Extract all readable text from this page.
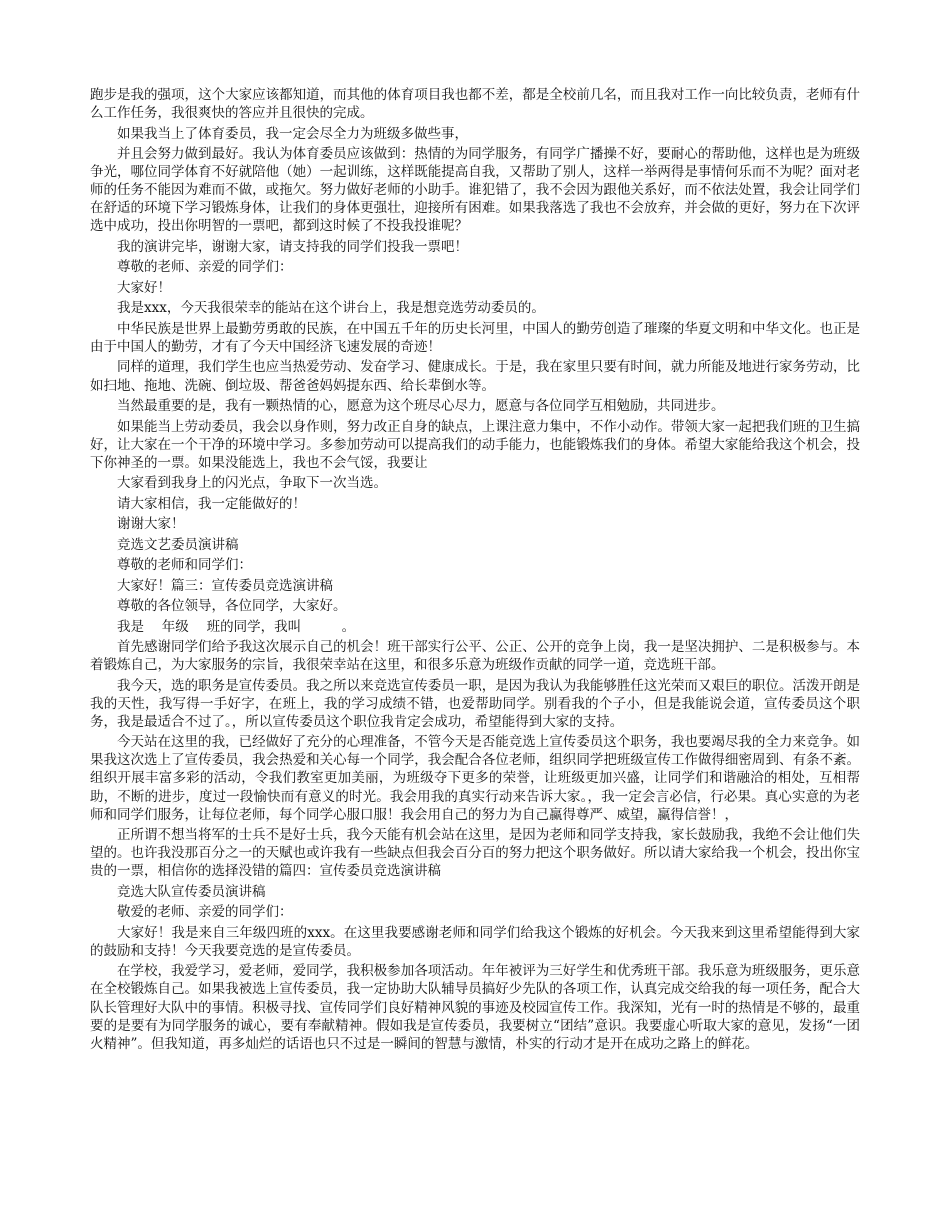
跑步是我的强项，这个大家应该都知道，而其他的体育项目我也都不差，都是全校前几名，而且我对工作一向比较负责，老师有什么工作任务，我很爽快的答应并且很快的完成。

如果我当上了体育委员，我一定会尽全力为班级多做些事，

并且会努力做到最好。我认为体育委员应该做到：热情的为同学服务，有同学广播操不好，要耐心的帮助他，这样也是为班级争光，哪位同学体育不好就陪他（她）一起训练，这样既能提高自我，又帮助了别人，这样一举两得是事情何乐而不为呢？面对老师的任务不能因为难而不做，或拖欠。努力做好老师的小助手。谁犯错了，我不会因为跟他关系好，而不依法处置，我会让同学们在舒适的环境下学习锻炼身体，让我们的身体更强壮，迎接所有困难。如果我落选了我也不会放弃，并会做的更好，努力在下次评选中成功，投出你明智的一票吧，都到这时候了不投我投谁呢？

我的演讲完毕，谢谢大家，请支持我的同学们投我一票吧！

尊敬的老师、亲爱的同学们：

大家好！

我是xxx，今天我很荣幸的能站在这个讲台上，我是想竞选劳动委员的。

中华民族是世界上最勤劳勇敢的民族，在中国五千年的历史长河里，中国人的勤劳创造了璀璨的华夏文明和中华文化。也正是由于中国人的勤劳，才有了今天中国经济飞速发展的奇迹！

同样的道理，我们学生也应当热爱劳动、发奋学习、健康成长。于是，我在家里只要有时间，就力所能及地进行家务劳动，比如扫地、拖地、洗碗、倒垃圾、帮爸爸妈妈提东西、给长辈倒水等。

当然最重要的是，我有一颗热情的心，愿意为这个班尽心尽力，愿意与各位同学互相勉励，共同进步。

如果能当上劳动委员，我会以身作则，努力改正自身的缺点，上课注意力集中，不作小动作。带领大家一起把我们班的卫生搞好，让大家在一个干净的环境中学习。多参加劳动可以提高我们的动手能力，也能锻炼我们的身体。希望大家能给我这个机会，投下你神圣的一票。如果没能选上，我也不会气馁，我要让

大家看到我身上的闪光点，争取下一次当选。

请大家相信，我一定能做好的！

谢谢大家！

竞选文艺委员演讲稿

尊敬的老师和同学们：

大家好！篇三：宣传委员竞选演讲稿

尊敬的各位领导，各位同学，大家好。

我是　 年级　 班的同学，我叫　　　。

首先感谢同学们给予我这次展示自己的机会！班干部实行公平、公正、公开的竞争上岗，我一是坚决拥护、二是积极参与。本着锻炼自己，为大家服务的宗旨，我很荣幸站在这里，和很多乐意为班级作贡献的同学一道，竞选班干部。

我今天，选的职务是宣传委员。我之所以来竞选宣传委员一职，是因为我认为我能够胜任这光荣而又艰巨的职位。活泼开朗是我的天性，我写得一手好字，在班上，我的学习成绩不错，也爱帮助同学。别看我的个子小，但是我能说会道，宣传委员这个职务，我是最适合不过了。，所以宣传委员这个职位我肯定会成功，希望能得到大家的支持。

今天站在这里的我，已经做好了充分的心理准备，不管今天是否能竞选上宣传委员这个职务，我也要竭尽我的全力来竞争。如果我这次选上了宣传委员，我会热爱和关心每一个同学，我会配合各位老师，组织同学把班级宣传工作做得细密周到、有条不紊。组织开展丰富多彩的活动，令我们教室更加美丽，为班级夺下更多的荣誉，让班级更加兴盛，让同学们和谐融洽的相处，互相帮助，不断的进步，度过一段愉快而有意义的时光。我会用我的真实行动来告诉大家。，我一定会言必信，行必果。真心实意的为老师和同学们服务，让每位老师，每个同学心服口服！我会用自己的努力为自己赢得尊严、威望，赢得信誉！，

正所谓不想当将军的士兵不是好士兵，我今天能有机会站在这里，是因为老师和同学支持我，家长鼓励我，我绝不会让他们失望的。也许我没那百分之一的天赋也或许我有一些缺点但我会百分百的努力把这个职务做好。所以请大家给我一个机会，投出你宝贵的一票，相信你的选择没错的篇四：宣传委员竞选演讲稿

竞选大队宣传委员演讲稿

敬爱的老师、亲爱的同学们：

大家好！我是来自三年级四班的xxx。在这里我要感谢老师和同学们给我这个锻炼的好机会。今天我来到这里希望能得到大家的鼓励和支持！今天我要竞选的是宣传委员。

在学校，我爱学习，爱老师，爱同学，我积极参加各项活动。年年被评为三好学生和优秀班干部。我乐意为班级服务，更乐意在全校锻炼自己。如果我被选上宣传委员，我一定协助大队辅导员搞好少先队的各项工作，认真完成交给我的每一项任务，配合大队长管理好大队中的事情。积极寻找、宣传同学们良好精神风貌的事迹及校园宣传工作。我深知，光有一时的热情是不够的，最重要的是要有为同学服务的诚心，要有奉献精神。假如我是宣传委员，我要树立“团结”意识。我要虚心听取大家的意见，发扬“一团火精神”。但我知道，再多灿烂的话语也只不过是一瞬间的智慧与激情，朴实的行动才是开在成功之路上的鲜花。
